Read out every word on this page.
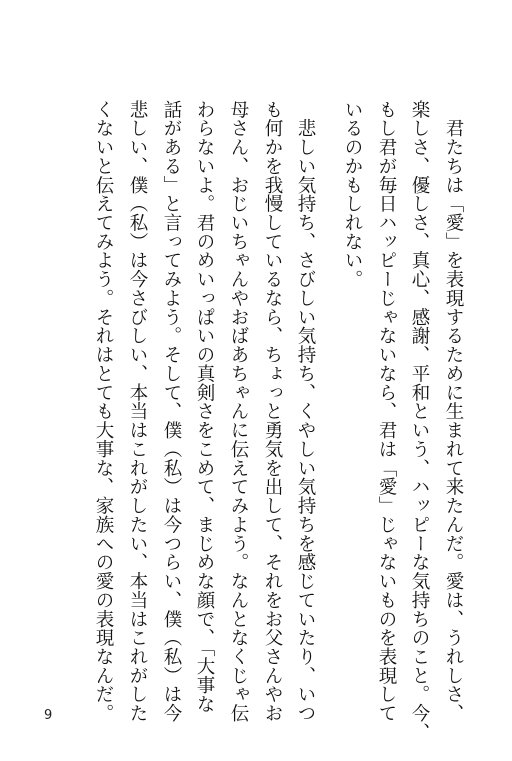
　君たちは「愛」を表現するために生まれて来たんだ。愛は、うれしさ、
楽しさ、優しさ、真心、感謝、平和という、ハッピーな気持ちのこと。今、
もし君が毎日ハッピーじゃないなら、君は「愛」じゃないものを表現して
いるのかもしれない。
　悲しい気持ち、さびしい気持ち、くやしい気持ちを感じていたり、いつ
も何かを我慢しているなら、ちょっと勇気を出して、それをお父さんやお
母さん、おじいちゃんやおばあちゃんに伝えてみよう。なんとなくじゃ伝
わらないよ。君のめいっぱいの真剣さをこめて、まじめな顔で、「大事な
話がある」と言ってみよう。そして、僕（私）は今つらい、僕（私）は今
悲しい、僕（私）は今さびしい、本当はこれがしたい、本当はこれがした
くないと伝えてみよう。それはとても大事な、家族への愛の表現なんだ。
9
